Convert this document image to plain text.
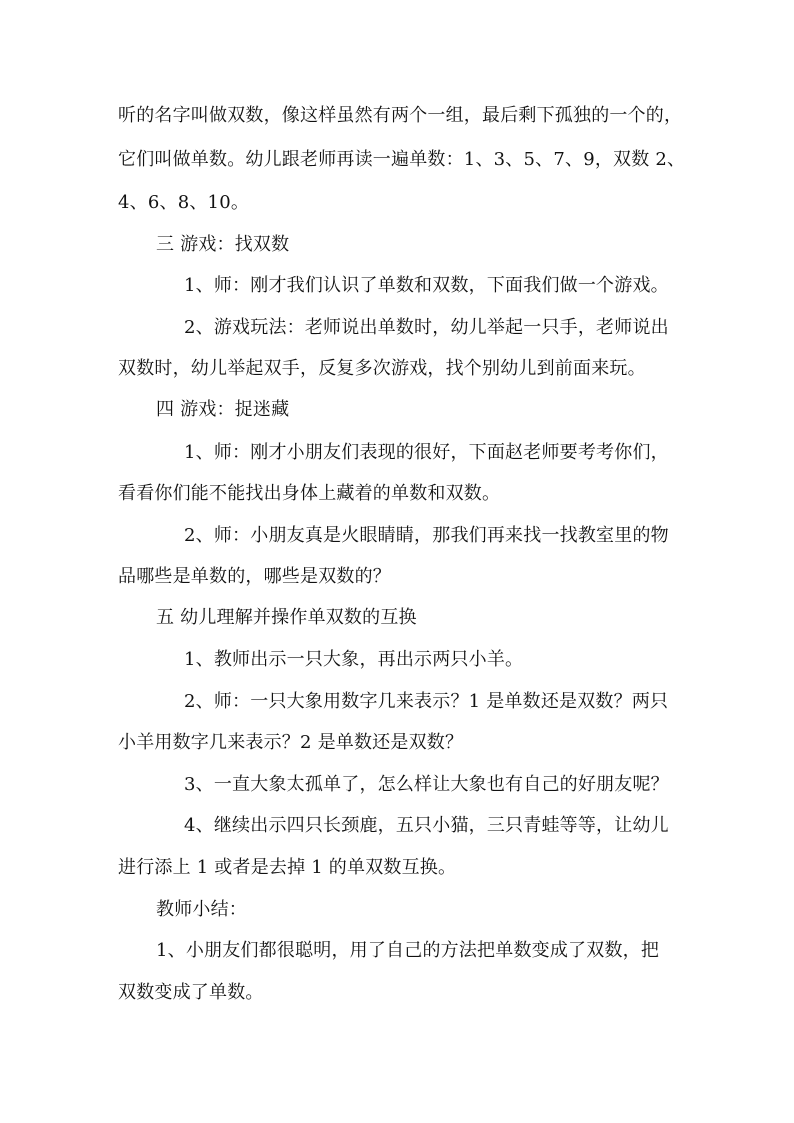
听的名字叫做双数，像这样虽然有两个一组，最后剩下孤独的一个的，
它们叫做单数。幼儿跟老师再读一遍单数：1、3、5、7、9，双数 2、
4、6、8、10。
三 游戏：找双数
1、师：刚才我们认识了单数和双数，下面我们做一个游戏。
2、游戏玩法：老师说出单数时，幼儿举起一只手，老师说出
双数时，幼儿举起双手，反复多次游戏，找个别幼儿到前面来玩。
四 游戏：捉迷藏
1、师：刚才小朋友们表现的很好，下面赵老师要考考你们，
看看你们能不能找出身体上藏着的单数和双数。
2、师：小朋友真是火眼睛睛，那我们再来找一找教室里的物
品哪些是单数的，哪些是双数的？
五 幼儿理解并操作单双数的互换
1、教师出示一只大象，再出示两只小羊。
2、师：一只大象用数字几来表示？1 是单数还是双数？两只
小羊用数字几来表示？2 是单数还是双数？
3、一直大象太孤单了，怎么样让大象也有自己的好朋友呢？
4、继续出示四只长颈鹿，五只小猫，三只青蛙等等，让幼儿
进行添上 1 或者是去掉 1 的单双数互换。
教师小结：
1、小朋友们都很聪明，用了自己的方法把单数变成了双数，把
双数变成了单数。
